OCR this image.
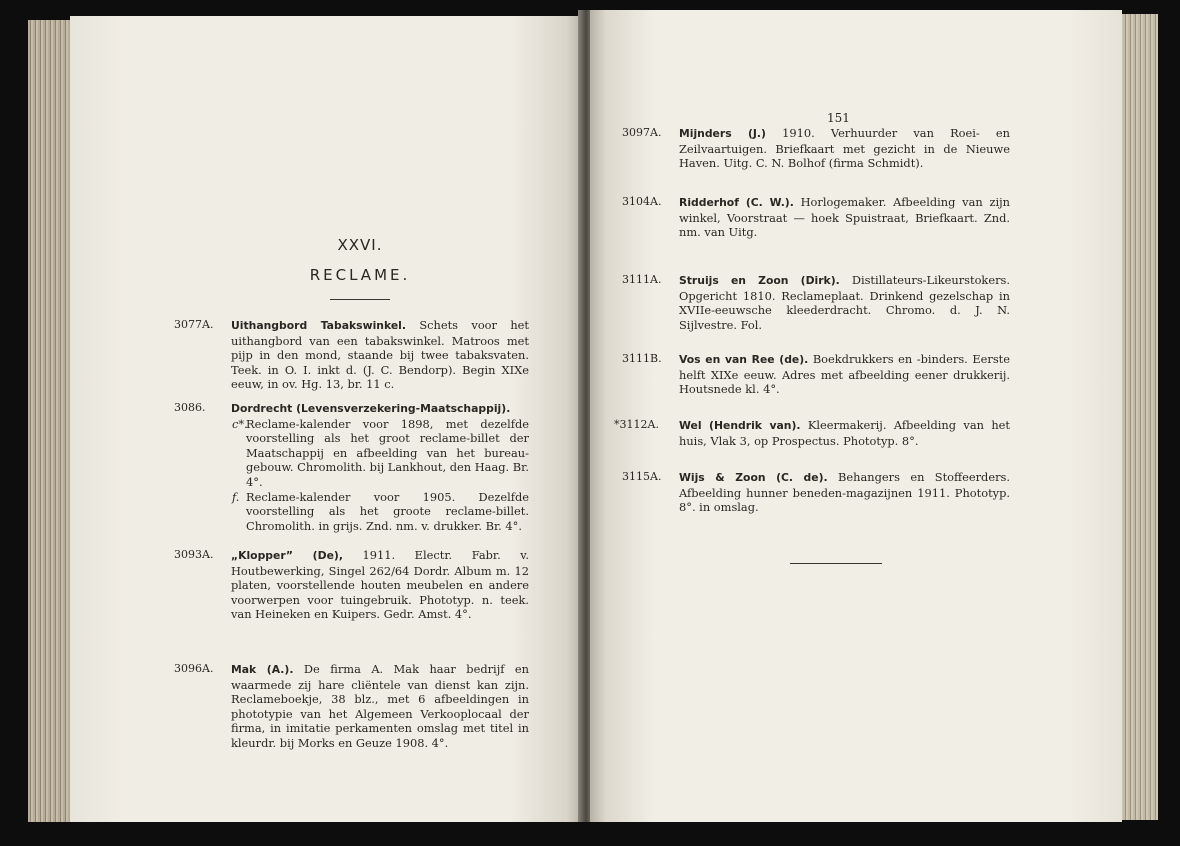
XXVI.
RECLAME.
3077A. Uithangbord Tabakswinkel. Schets voor het uithangbord van een tabakswinkel. Matroos met pijp in den mond, staande bij twee tabaksvaten. Teek. in O. I. inkt d. (J. C. Bendorp). Begin XIXe eeuw, in ov. Hg. 13, br. 11 c.
3086. Dordrecht (Levensverzekering-Maatschappij).
c*.
Reclame-kalender voor 1898, met dezelfde voorstelling als het groot reclame-billet der Maatschappij en afbeelding van het bureau-gebouw. Chromolith. bij Lankhout, den Haag. Br. 4°.
f. Reclame-kalender voor 1905. Dezelfde voorstelling als het groote reclame-billet. Chromolith. in grijs. Znd. nm. v. drukker. Br. 4°.
3093A. „Klopper” (De), 1911. Electr. Fabr. v. Houtbewerking, Singel 262/64 Dordr. Album m. 12 platen, voorstellende houten meubelen en andere voorwerpen voor tuingebruik. Phototyp. n. teek. van Heineken en Kuipers. Gedr. Amst. 4°.
3096A. Mak (A.). De firma A. Mak haar bedrijf en waarmede zij hare cliëntele van dienst kan zijn. Reclameboekje, 38 blz., met 6 afbeeldingen in phototypie van het Algemeen Verkooplocaal der firma, in imitatie perkamenten omslag met titel in kleurdr. bij Morks en Geuze 1908. 4°.
151
3097A. Mijnders (J.) 1910. Verhuurder van Roei- en Zeilvaartuigen. Briefkaart met gezicht in de Nieuwe Haven. Uitg. C. N. Bolhof (firma Schmidt).
3104A. Ridderhof (C. W.). Horlogemaker. Afbeelding van zijn winkel, Voorstraat — hoek Spuistraat, Briefkaart. Znd. nm. van Uitg.
3111A. Struijs en Zoon (Dirk). Distillateurs-Likeurstokers. Opgericht 1810. Reclameplaat. Drinkend gezelschap in XVIIe-eeuwsche kleederdracht. Chromo. d. J. N. Sijlvestre. Fol.
3111B. Vos en van Ree (de). Boekdrukkers en -binders. Eerste helft XIXe eeuw. Adres met afbeelding eener drukkerij. Houtsnede kl. 4°.
*3112A. Wel (Hendrik van). Kleermakerij. Afbeelding van het huis, Vlak 3, op Prospectus. Phototyp. 8°.
3115A. Wijs & Zoon (C. de). Behangers en Stoffeerders. Afbeelding hunner beneden-magazijnen 1911. Phototyp. 8°. in omslag.
